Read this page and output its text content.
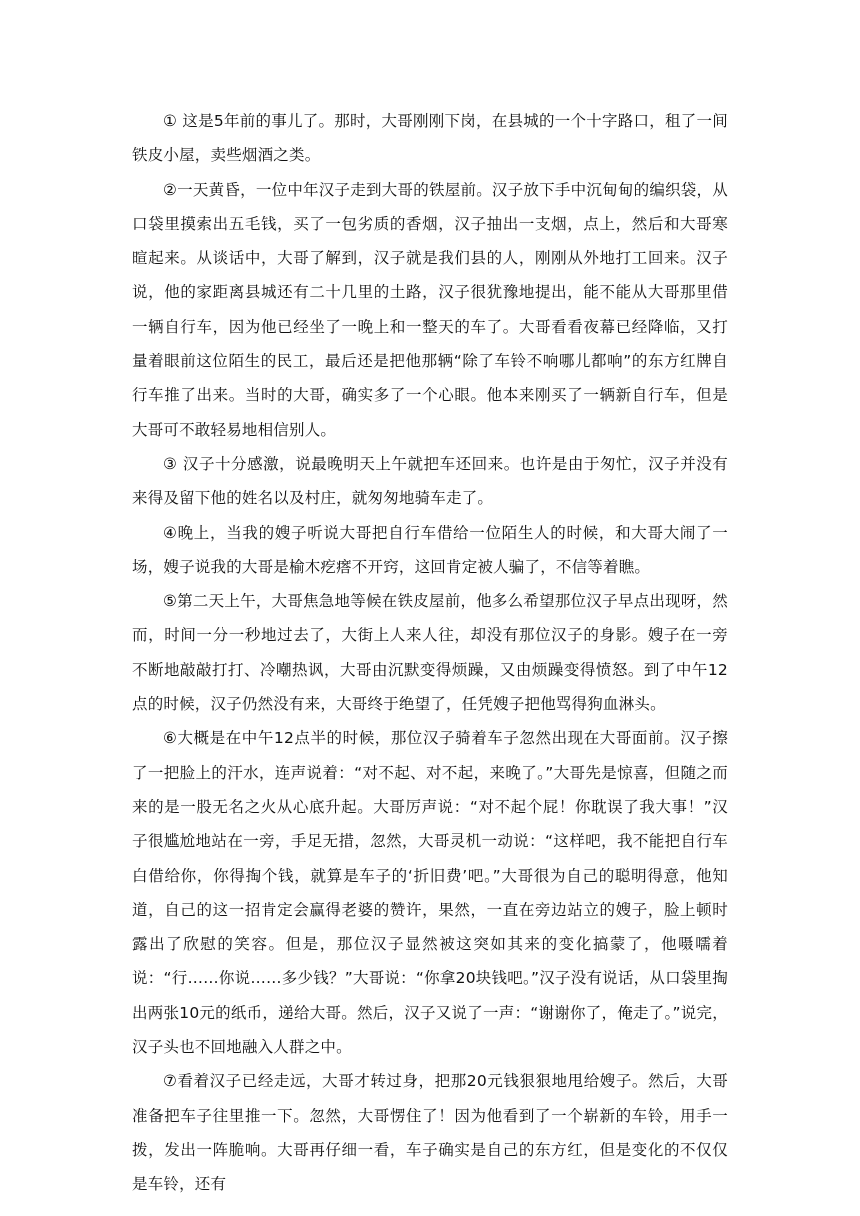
① 这是5年前的事儿了。那时，大哥刚刚下岗，在县城的一个十字路口，租了一间铁皮小屋，卖些烟酒之类。

②一天黄昏，一位中年汉子走到大哥的铁屋前。汉子放下手中沉甸甸的编织袋，从口袋里摸索出五毛钱，买了一包劣质的香烟，汉子抽出一支烟，点上，然后和大哥寒暄起来。从谈话中，大哥了解到，汉子就是我们县的人，刚刚从外地打工回来。汉子说，他的家距离县城还有二十几里的土路，汉子很犹豫地提出，能不能从大哥那里借一辆自行车，因为他已经坐了一晚上和一整天的车了。大哥看看夜幕已经降临，又打量着眼前这位陌生的民工，最后还是把他那辆“除了车铃不响哪儿都响”的东方红牌自行车推了出来。当时的大哥，确实多了一个心眼。他本来刚买了一辆新自行车，但是大哥可不敢轻易地相信别人。

③ 汉子十分感激，说最晚明天上午就把车还回来。也许是由于匆忙，汉子并没有来得及留下他的姓名以及村庄，就匆匆地骑车走了。

④晚上，当我的嫂子听说大哥把自行车借给一位陌生人的时候，和大哥大闹了一场，嫂子说我的大哥是榆木疙瘩不开窍，这回肯定被人骗了，不信等着瞧。

⑤第二天上午，大哥焦急地等候在铁皮屋前，他多么希望那位汉子早点出现呀，然而，时间一分一秒地过去了，大街上人来人往，却没有那位汉子的身影。嫂子在一旁不断地敲敲打打、冷嘲热讽，大哥由沉默变得烦躁，又由烦躁变得愤怒。到了中午12点的时候，汉子仍然没有来，大哥终于绝望了，任凭嫂子把他骂得狗血淋头。

⑥大概是在中午12点半的时候，那位汉子骑着车子忽然出现在大哥面前。汉子擦了一把脸上的汗水，连声说着：“对不起、对不起，来晚了。”大哥先是惊喜，但随之而来的是一股无名之火从心底升起。大哥厉声说：“对不起个屁！你耽误了我大事！”汉子很尴尬地站在一旁，手足无措，忽然，大哥灵机一动说：“这样吧，我不能把自行车白借给你，你得掏个钱，就算是车子的‘折旧费’吧。”大哥很为自己的聪明得意，他知道，自己的这一招肯定会赢得老婆的赞许，果然，一直在旁边站立的嫂子，脸上顿时露出了欣慰的笑容。但是，那位汉子显然被这突如其来的变化搞蒙了，他嗫嚅着说：“行……你说……多少钱？”大哥说：“你拿20块钱吧。”汉子没有说话，从口袋里掏出两张10元的纸币，递给大哥。然后，汉子又说了一声：“谢谢你了，俺走了。”说完，汉子头也不回地融入人群之中。

⑦看着汉子已经走远，大哥才转过身，把那20元钱狠狠地甩给嫂子。然后，大哥准备把车子往里推一下。忽然，大哥愣住了！因为他看到了一个崭新的车铃，用手一拨，发出一阵脆响。大哥再仔细一看，车子确实是自己的东方红，但是变化的不仅仅是车铃，还有
